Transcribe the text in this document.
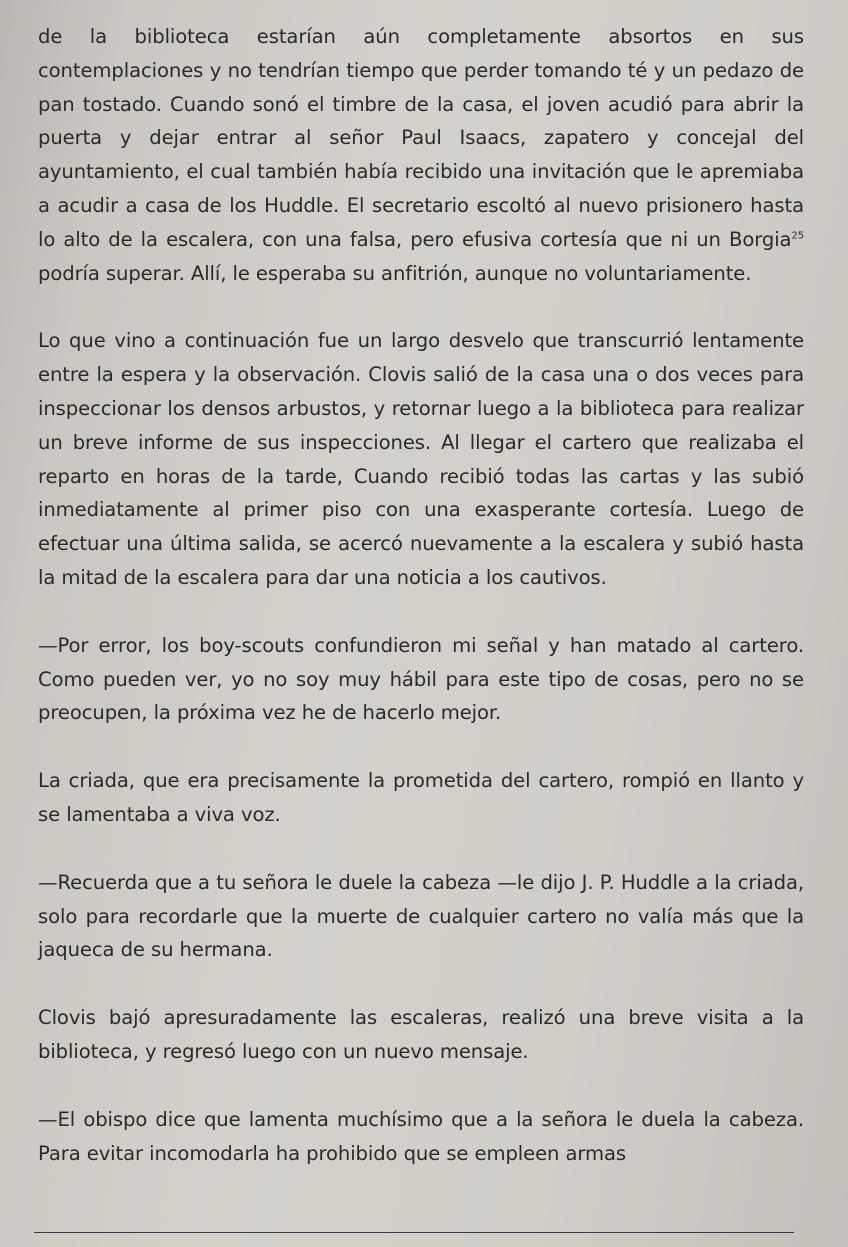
de la biblioteca estarían aún completamente absortos en sus contemplaciones y no tendrían tiempo que perder tomando té y un pedazo de pan tostado. Cuando sonó el timbre de la casa, el joven acudió para abrir la puerta y dejar entrar al señor Paul Isaacs, zapatero y concejal del ayuntamiento, el cual también había recibido una invitación que le apremiaba a acudir a casa de los Huddle. El secretario escoltó al nuevo prisionero hasta lo alto de la escalera, con una falsa, pero efusiva cortesía que ni un Borgia$^{25}$ podría superar. Allí, le esperaba su anfitrión, aunque no voluntariamente.

Lo que vino a continuación fue un largo desvelo que transcurrió lentamente entre la espera y la observación. Clovis salió de la casa una o dos veces para inspeccionar los densos arbustos, y retornar luego a la biblioteca para realizar un breve informe de sus inspecciones. Al llegar el cartero que realizaba el reparto en horas de la tarde, Cuando recibió todas las cartas y las subió inmediatamente al primer piso con una exasperante cortesía. Luego de efectuar una última salida, se acercó nuevamente a la escalera y subió hasta la mitad de la escalera para dar una noticia a los cautivos.

—Por error, los boy-scouts confundieron mi señal y han matado al cartero. Como pueden ver, yo no soy muy hábil para este tipo de cosas, pero no se preocupen, la próxima vez he de hacerlo mejor.

La criada, que era precisamente la prometida del cartero, rompió en llanto y se lamentaba a viva voz.

—Recuerda que a tu señora le duele la cabeza —le dijo J. P. Huddle a la criada, solo para recordarle que la muerte de cualquier cartero no valía más que la jaqueca de su hermana.

Clovis bajó apresuradamente las escaleras, realizó una breve visita a la biblioteca, y regresó luego con un nuevo mensaje.

—El obispo dice que lamenta muchísimo que a la señora le duela la cabeza. Para evitar incomodarla ha prohibido que se empleen armas
